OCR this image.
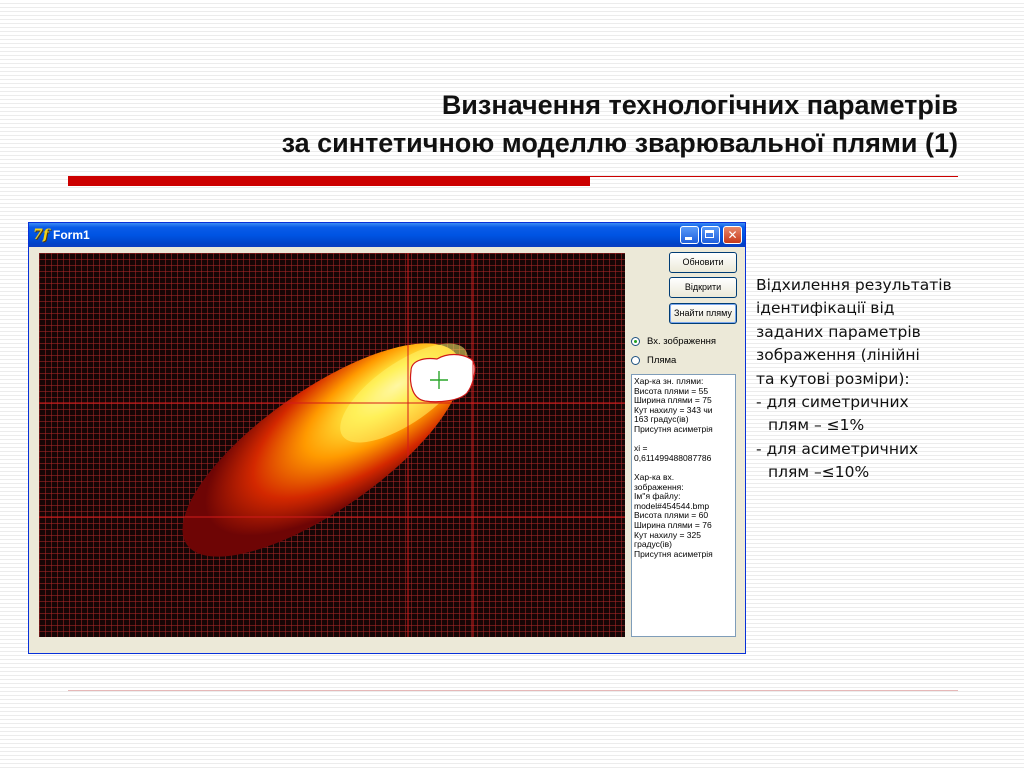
Визначення технологічних параметрів
за синтетичною моделлю зварювальної плями (1)
7f Form1	✕
Обновити
Відкрити
Знайти пляму
Вх. зображення
Пляма
Хар-ка зн. плями:
Висота плями = 55
Ширина плями = 75
Кут нахилу = 343 чи
163 градус(ів)
Присутня асиметрія
xi =
0,611499488087786
Хар-ка вх.
зображення:
Ім''я файлу:
model#454544.bmp
Висота плями = 60
Ширина плями = 76
Кут нахилу = 325
градус(ів)
Присутня асиметрія
Відхилення результатів
ідентифікації від
заданих параметрів
зображення (лінійні
та кутові розміри):
- для симетричних
плям – ≤1%
- для асиметричних
плям –≤10%
